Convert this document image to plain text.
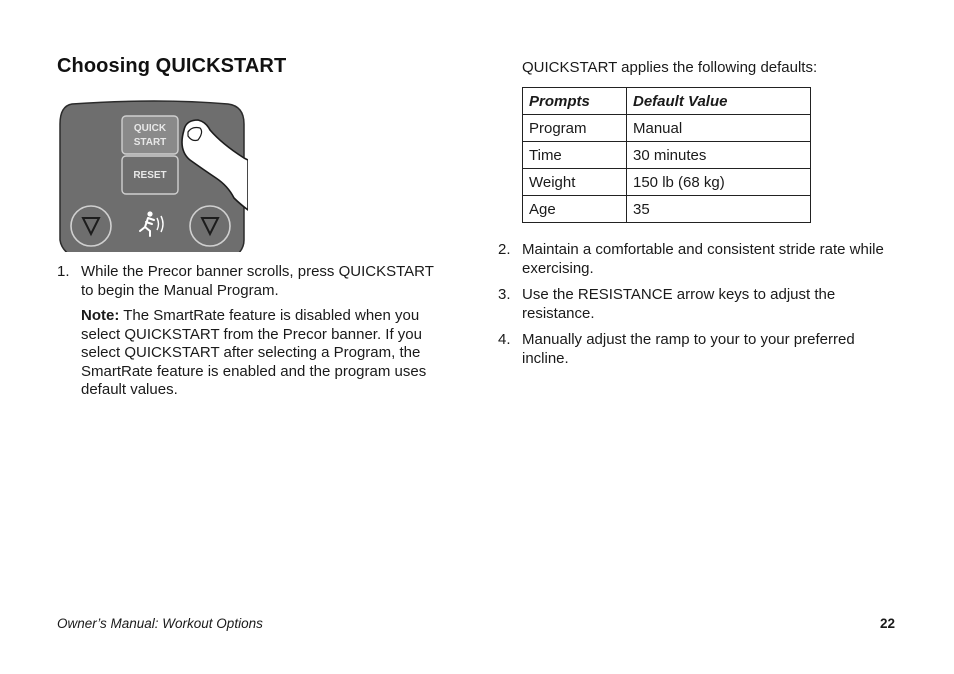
Choosing QUICKSTART
QUICK
START
RESET
1. While the Precor banner scrolls, press QUICKSTART
to begin the Manual Program.
Note: The SmartRate feature is disabled when you
select QUICKSTART from the Precor banner. If you
select QUICKSTART after selecting a Program, the
SmartRate feature is enabled and the program uses
default values.
QUICKSTART applies the following defaults:
Prompts	Default Value
Program	Manual
Time	30 minutes
Weight	150 lb (68 kg)
Age	35
2. Maintain a comfortable and consistent stride rate while
exercising.
3. Use the RESISTANCE arrow keys to adjust the
resistance.
4. Manually adjust the ramp to your to your preferred
incline.
Owner’s Manual: Workout Options	22
